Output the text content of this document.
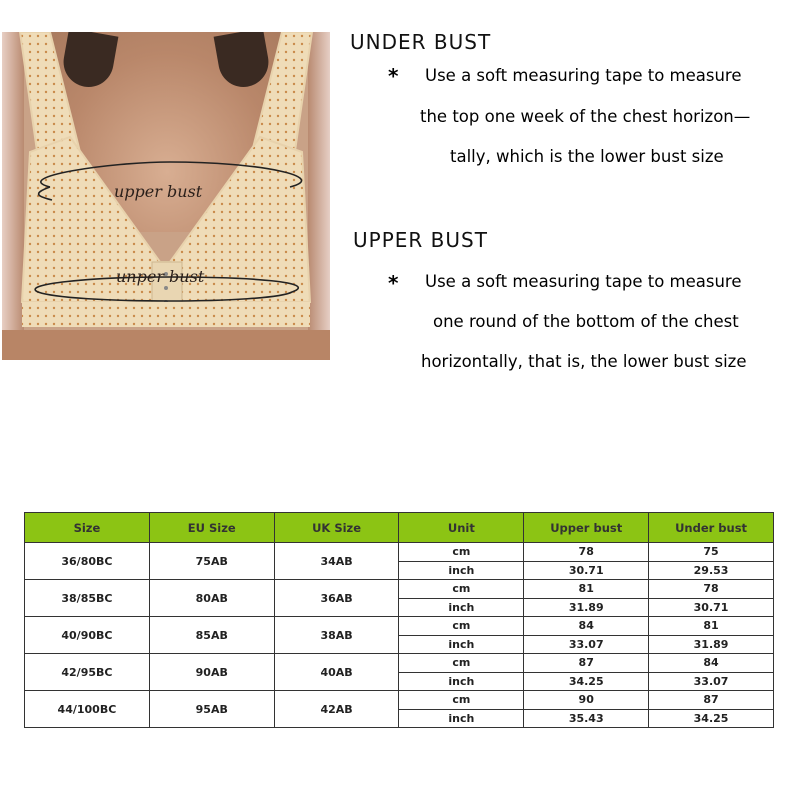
upper bust
unper bust
UNDER BUST
* Use a soft measuring tape to measure
the top one week of the chest horizon—
tally, which is the lower bust size
UPPER BUST
* Use a soft measuring tape to measure
one round of the bottom of the chest
horizontally, that is, the lower bust size
Size	EU Size	UK Size	Unit	Upper bust	Under bust
36/80BC	75AB	34AB	cm	78	75
			inch	30.71	29.53
38/85BC	80AB	36AB	cm	81	78
			inch	31.89	30.71
40/90BC	85AB	38AB	cm	84	81
			inch	33.07	31.89
42/95BC	90AB	40AB	cm	87	84
			inch	34.25	33.07
44/100BC	95AB	42AB	cm	90	87
			inch	35.43	34.25
